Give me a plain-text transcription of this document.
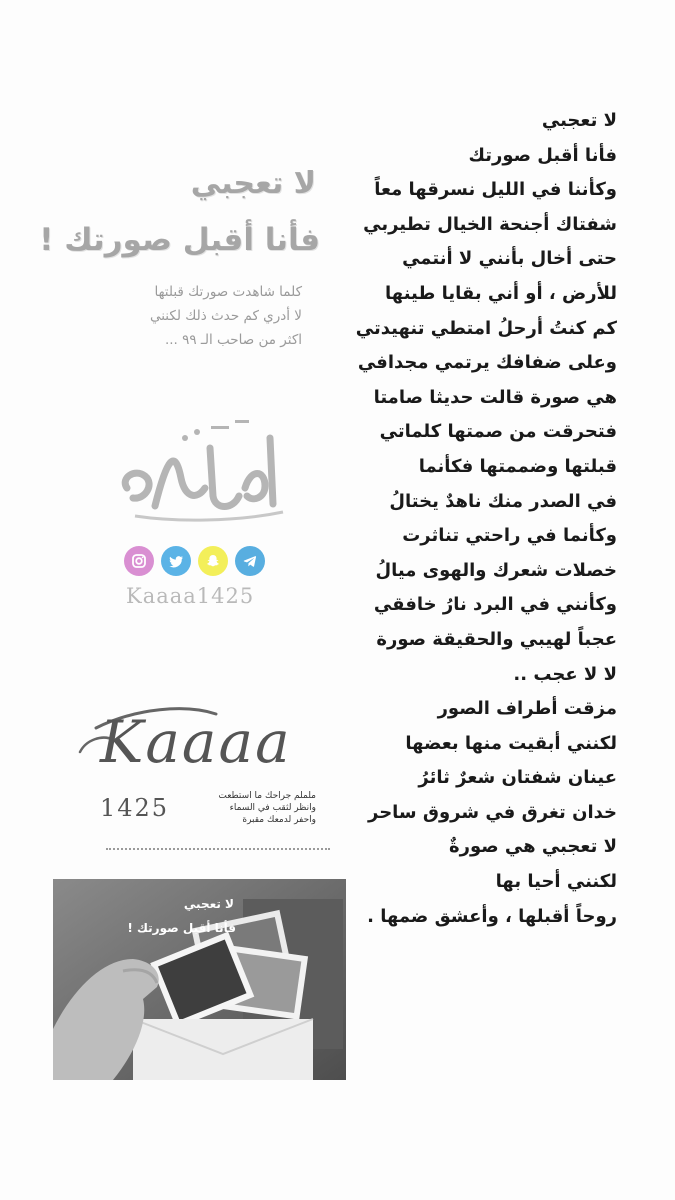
لا تعجبي
فأنا أقبل صورتك
وكأننا في الليل نسرقها معاً
شفتاك أجنحة الخيال تطيربي
حتى أخال بأنني لا أنتمي
للأرض ، أو أني بقايا طينها
كم كنتُ أرحلُ امتطي تنهيدتي
وعلى ضفافك يرتمي مجدافي
هي صورة قالت حديثا صامتا
فتحرقت من صمتها كلماتي
قبلتها وضممتها فكأنما
في الصدر منك ناهدٌ يختالُ
وكأنما في راحتي تناثرت
خصلات شعرك والهوى ميالُ
وكأنني في البرد نارُ خافقي
عجباً لهيبي والحقيقة صورة
لا لا عجب ..
مزقت أطراف الصور
لكنني أبقيت منها بعضها
عينان شفتان شعرٌ ثائرُ
خدان تغرق في شروق ساحر
لا تعجبي هي صورةٌ
لكنني أحيا بها
روحاً أقبلها ، وأعشق ضمها .
لا تعجبي
فأنا أقبل صورتك !
كلما شاهدت صورتك قبلتها
لا أدري كم حدث ذلك لكنني
اكثر من صاحب الـ ٩٩ ...
Kaaaa1425
Kaaaa
1425	ململم جراحك ما استطعت
وانظر لثقب في السماء
واحفر لدمعك مقبرة
لا تعجبي
فأنا أقبل صورتك !
